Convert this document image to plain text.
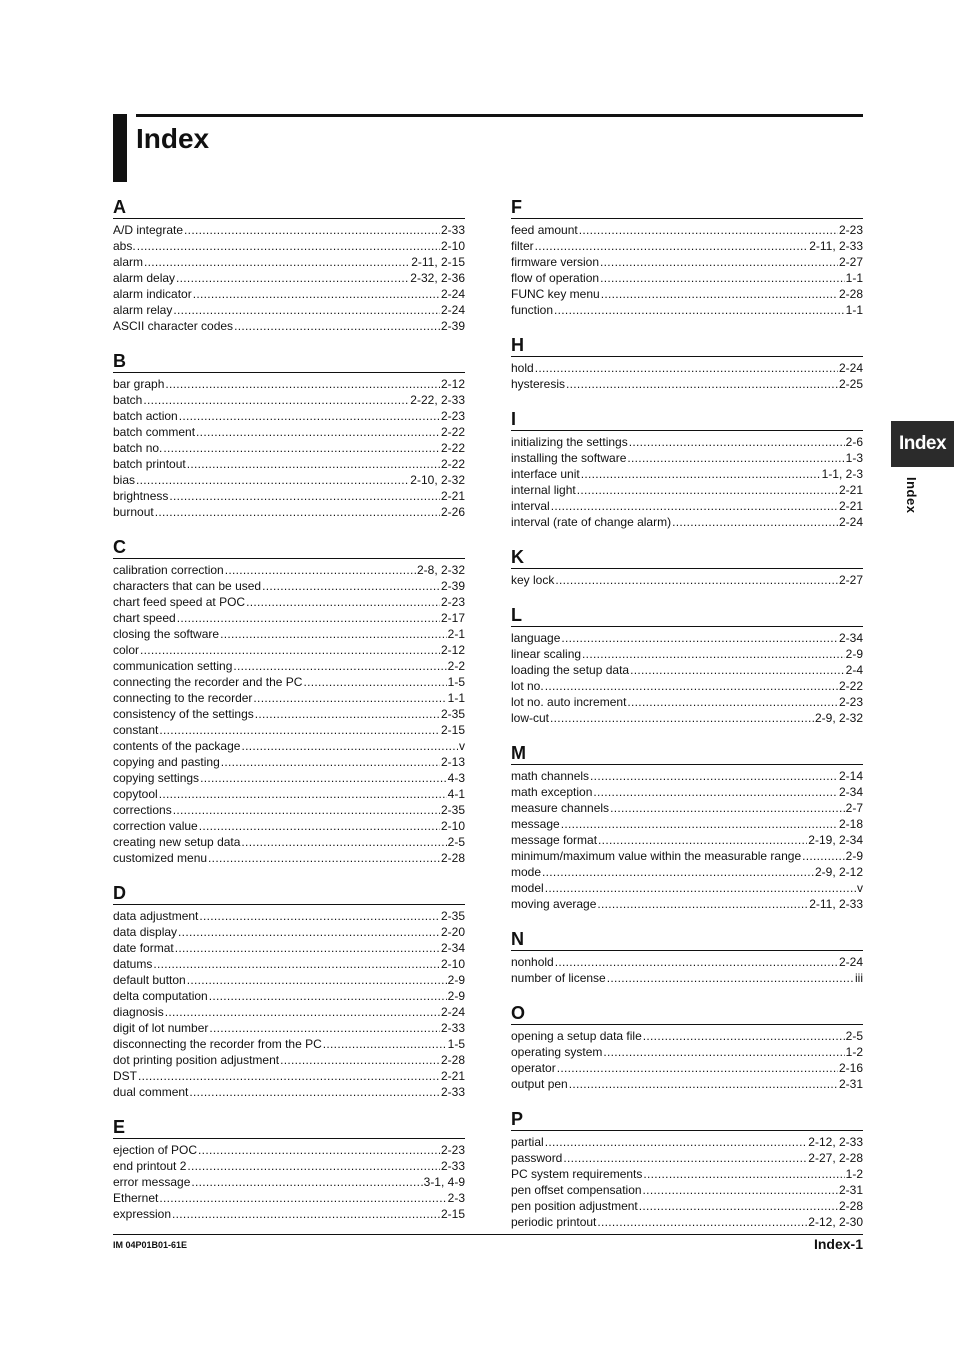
Index
A
A/D integrate .....	2-33
abs. .....	2-10
alarm .....	2-11, 2-15
alarm delay .....	2-32, 2-36
alarm indicator .....	2-24
alarm relay .....	2-24
ASCII character codes .....	2-39
B
bar graph .....	2-12
batch .....	2-22, 2-33
batch action .....	2-23
batch comment .....	2-22
batch no. .....	2-22
batch printout .....	2-22
bias .....	2-10, 2-32
brightness .....	2-21
burnout .....	2-26
C
calibration correction .....	2-8, 2-32
characters that can be used .....	2-39
chart feed speed at POC .....	2-23
chart speed .....	2-17
closing the software .....	2-1
color .....	2-12
communication setting .....	2-2
connecting the recorder and the PC .....	1-5
connecting to the recorder .....	1-1
consistency of the settings .....	2-35
constant .....	2-15
contents of the package .....	v
copying and pasting .....	2-13
copying settings .....	4-3
copytool .....	4-1
corrections .....	2-35
correction value .....	2-10
creating new setup data .....	2-5
customized menu .....	2-28
D
data adjustment .....	2-35
data display .....	2-20
date format .....	2-34
datums .....	2-10
default button .....	2-9
delta computation .....	2-9
diagnosis .....	2-24
digit of lot number .....	2-33
disconnecting the recorder from the PC .....	1-5
dot printing position adjustment .....	2-28
DST .....	2-21
dual comment .....	2-33
E
ejection of POC .....	2-23
end printout 2 .....	2-33
error message .....	3-1, 4-9
Ethernet .....	2-3
expression .....	2-15
F
feed amount .....	2-23
filter .....	2-11, 2-33
firmware version .....	2-27
flow of operation .....	1-1
FUNC key menu .....	2-28
function .....	1-1
H
hold .....	2-24
hysteresis .....	2-25
I
initializing the settings .....	2-6
installing the software .....	1-3
interface unit .....	1-1, 2-3
internal light .....	2-21
interval .....	2-21
interval (rate of change alarm) .....	2-24
K
key lock .....	2-27
L
language .....	2-34
linear scaling .....	2-9
loading the setup data .....	2-4
lot no. .....	2-22
lot no. auto increment .....	2-23
low-cut .....	2-9, 2-32
M
math channels .....	2-14
math exception .....	2-34
measure channels .....	2-7
message .....	2-18
message format .....	2-19, 2-34
minimum/maximum value within the measurable range .....	2-9
mode .....	2-9, 2-12
model .....	v
moving average .....	2-11, 2-33
N
nonhold .....	2-24
number of license .....	iii
O
opening a setup data file .....	2-5
operating system .....	1-2
operator .....	2-16
output pen .....	2-31
P
partial .....	2-12, 2-33
password .....	2-27, 2-28
PC system requirements .....	1-2
pen offset compensation .....	2-31
pen position adjustment .....	2-28
periodic printout .....	2-12, 2-30
Index
Index
IM 04P01B01-61E	Index-1
